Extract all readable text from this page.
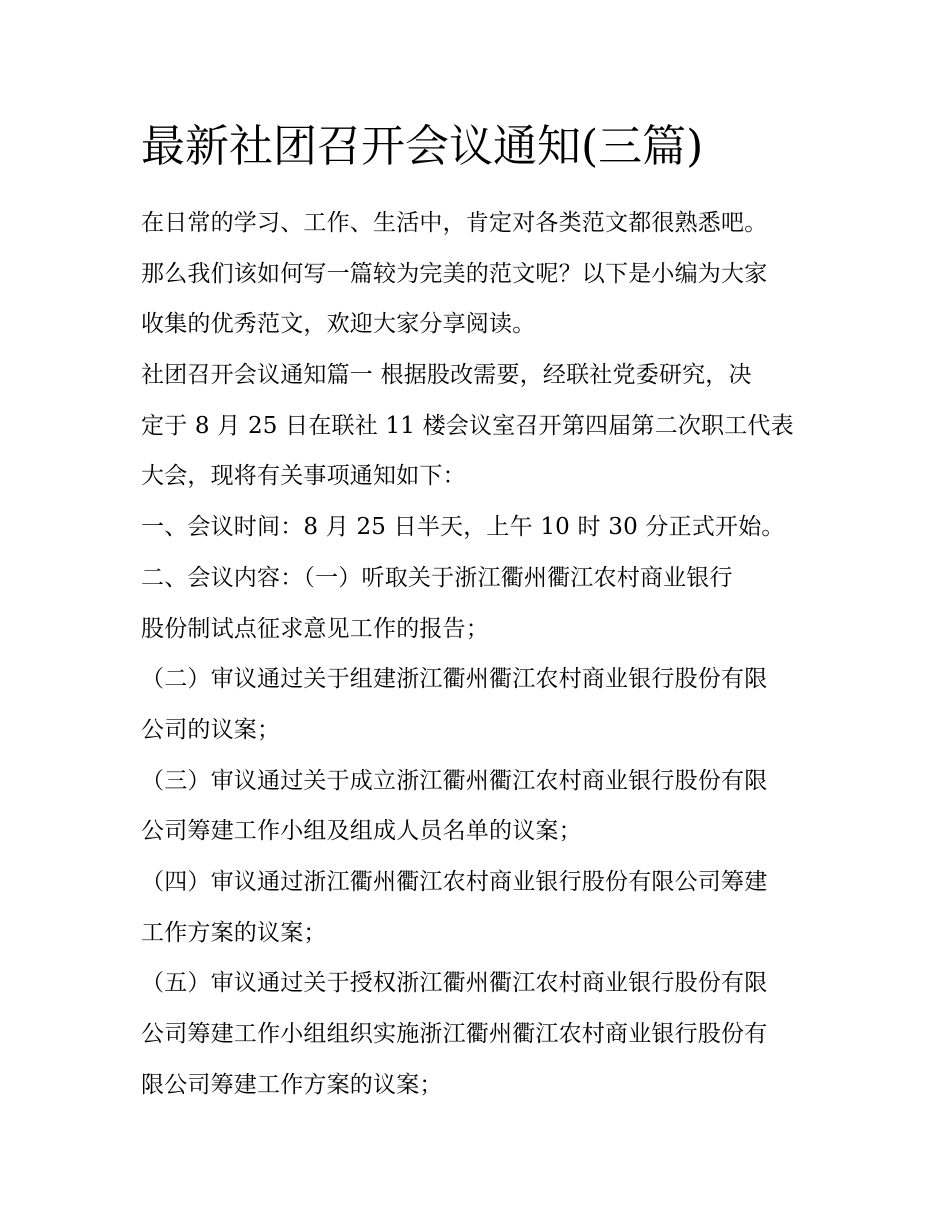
最新社团召开会议通知(三篇)
在日常的学习、工作、生活中，肯定对各类范文都很熟悉吧。
那么我们该如何写一篇较为完美的范文呢？以下是小编为大家
收集的优秀范文，欢迎大家分享阅读。
社团召开会议通知篇一 根据股改需要，经联社党委研究，决
定于 8 月 25 日在联社 11 楼会议室召开第四届第二次职工代表
大会，现将有关事项通知如下：
一、会议时间：8 月 25 日半天，上午 10 时 30 分正式开始。
二、会议内容：（一）听取关于浙江衢州衢江农村商业银行
股份制试点征求意见工作的报告；
（二）审议通过关于组建浙江衢州衢江农村商业银行股份有限
公司的议案；
（三）审议通过关于成立浙江衢州衢江农村商业银行股份有限
公司筹建工作小组及组成人员名单的议案；
（四）审议通过浙江衢州衢江农村商业银行股份有限公司筹建
工作方案的议案；
（五）审议通过关于授权浙江衢州衢江农村商业银行股份有限
公司筹建工作小组组织实施浙江衢州衢江农村商业银行股份有
限公司筹建工作方案的议案；
